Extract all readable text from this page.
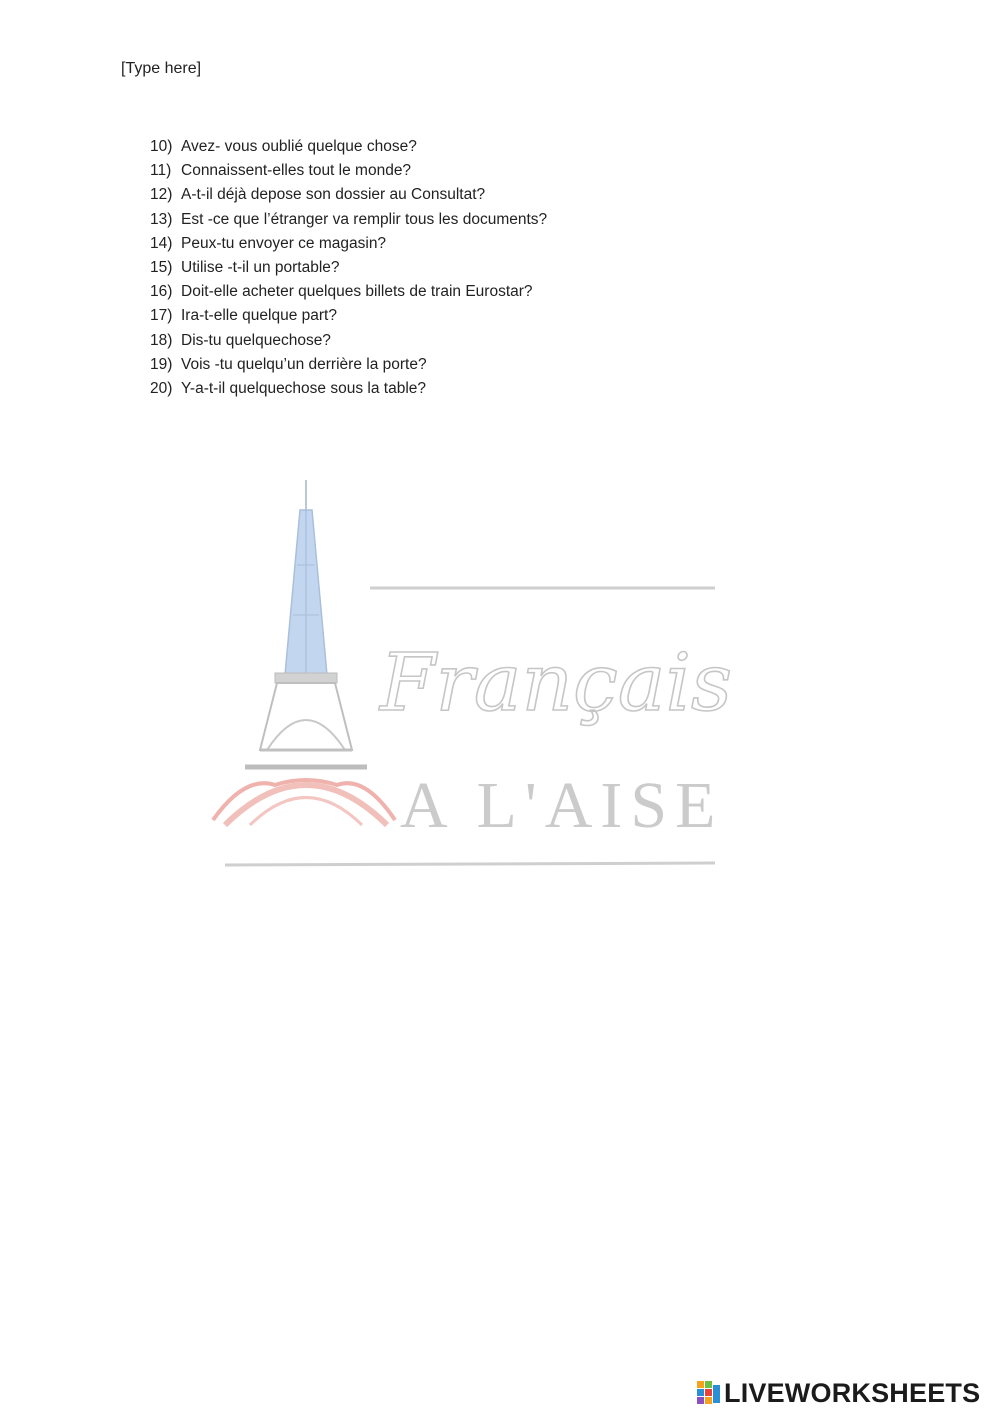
[Type here]
10) Avez- vous oublié quelque chose?
11) Connaissent-elles tout le monde?
12) A-t-il déjà depose son dossier au Consultat?
13) Est -ce que l’étranger va remplir tous les documents?
14) Peux-tu envoyer ce magasin?
15) Utilise -t-il un portable?
16) Doit-elle acheter quelques billets de train Eurostar?
17) Ira-t-elle quelque part?
18) Dis-tu quelquechose?
19) Vois -tu quelqu’un derrière la porte?
20) Y-a-t-il quelquechose sous la table?
Français
A L'AISE
LIVEWORKSHEETS
